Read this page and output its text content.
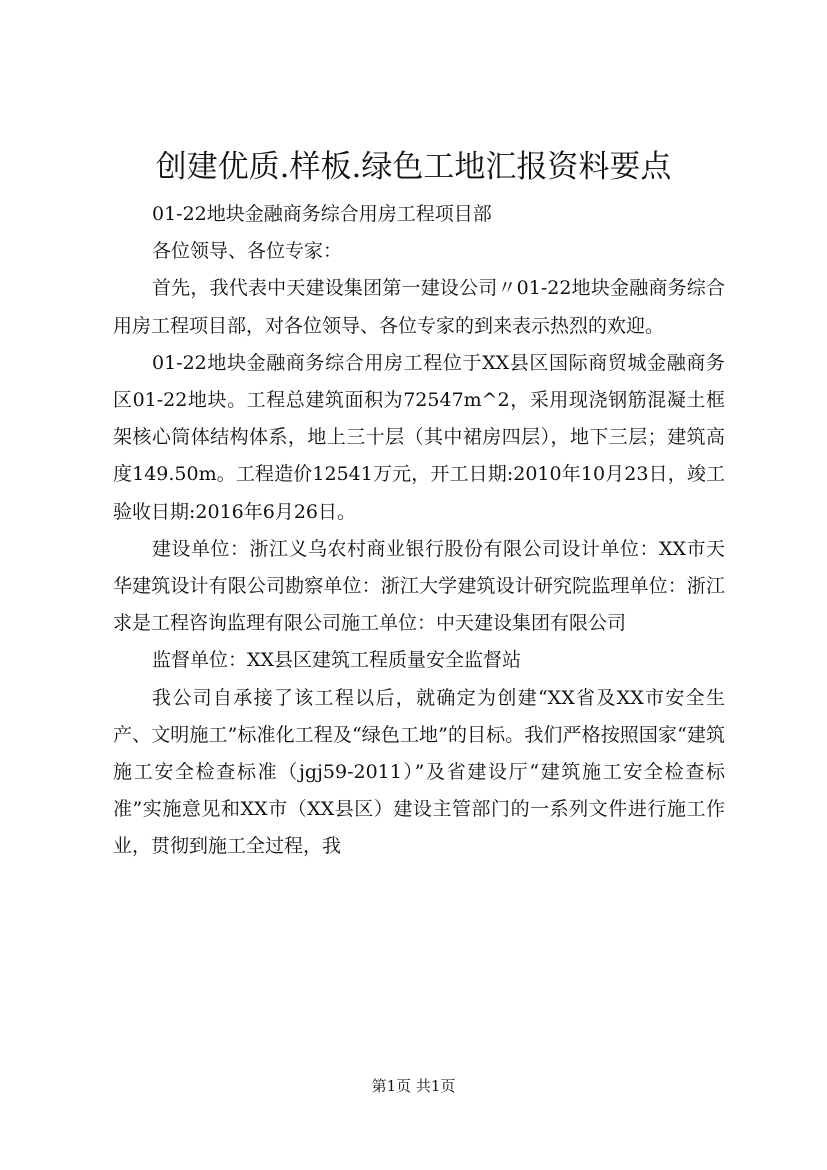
创建优质.样板.绿色工地汇报资料要点

01-22地块金融商务综合用房工程项目部

各位领导、各位专家：

首先，我代表中天建设集团第一建设公司〃01-22地块金融商务综合用房工程项目部，对各位领导、各位专家的到来表示热烈的欢迎。

01-22地块金融商务综合用房工程位于XX县区国际商贸城金融商务区01-22地块。工程总建筑面积为72547m^2，采用现浇钢筋混凝土框架核心筒体结构体系，地上三十层（其中裙房四层），地下三层；建筑高度149.50m。工程造价12541万元，开工日期:2010年10月23日，竣工验收日期:2016年6月26日。

建设单位：浙江义乌农村商业银行股份有限公司设计单位：XX市天华建筑设计有限公司勘察单位：浙江大学建筑设计研究院监理单位：浙江求是工程咨询监理有限公司施工单位：中天建设集团有限公司

监督单位：XX县区建筑工程质量安全监督站

我公司自承接了该工程以后，就确定为创建“XX省及XX市安全生产、文明施工”标准化工程及“绿色工地”的目标。我们严格按照国家“建筑施工安全检查标准（jgj59-2011）”及省建设厅“建筑施工安全检查标准”实施意见和XX市（XX县区）建设主管部门的一系列文件进行施工作业，贯彻到施工全过程，我

第1页 共1页
